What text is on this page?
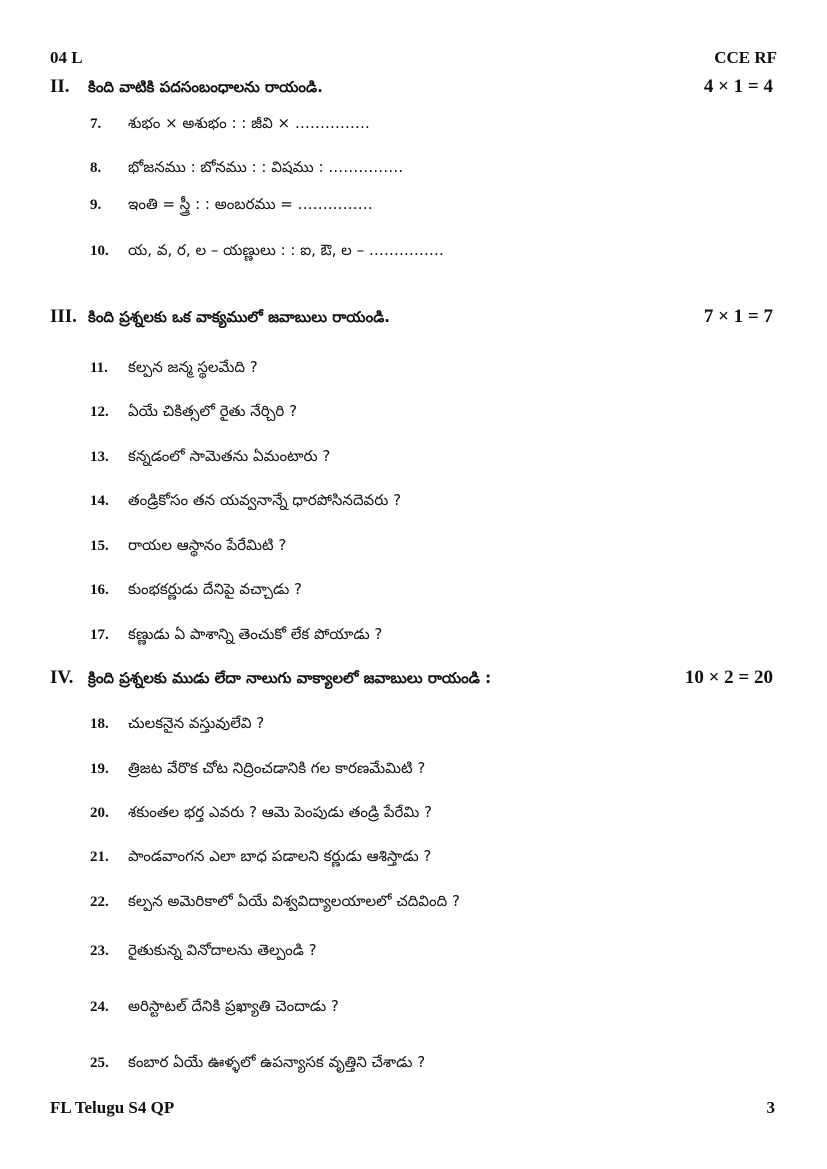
04 L	CCE RF
II. కింది వాటికి పదసంబంధాలను రాయండి.	4 × 1 = 4
7. శుభం × అశుభం : : జీవి × ……………
8. భోజనము : బోనము : : విషము : ……………
9. ఇంతి = స్త్రీ : : అంబరము = ……………
10. య, వ, ర, ల – యణ్ణులు : : ఐ, ఔ, ల – ……………
III. కింది ప్రశ్నలకు ఒక వాక్యములో జవాబులు రాయండి.	7 × 1 = 7
11. కల్పన జన్మ స్థలమేది ?
12. ఏయే చికిత్సలో రైతు నేర్చిరి ?
13. కన్నడంలో సామెతను ఏమంటారు ?
14. తండ్రికోసం తన యవ్వనాన్నే ధారపోసినదెవరు ?
15. రాయల ఆస్థానం పేరేమిటి ?
16. కుంభకర్ణుడు దేనిపై వచ్చాడు ?
17. కణ్ణుడు ఏ పాశాన్ని తెంచుకో లేక పోయాడు ?
IV. క్రింది ప్రశ్నలకు ముడు లేదా నాలుగు వాక్యాలలో జవాబులు రాయండి :	10 × 2 = 20
18. చులకనైన వస్తువులేవి ?
19. త్రిజట వేరొక చోట నిద్రించడానికి గల కారణమేమిటి ?
20. శకుంతల భర్త ఎవరు ? ఆమె పెంపుడు తండ్రి పేరేమి ?
21. పాండవాంగన ఎలా బాధ పడాలని కర్ణుడు ఆశిస్తాడు ?
22. కల్పన అమెరికాలో ఏయే విశ్వవిద్యాలయాలలో చదివింది ?
23. రైతుకున్న వినోదాలను తెల్పండి ?
24. అరిస్టాటల్ దేనికి ప్రఖ్యాతి చెందాడు ?
25. కంబార ఏయే ఊళ్ళలో ఉపన్యాసక వృత్తిని చేశాడు ?
FL Telugu S4 QP	3
